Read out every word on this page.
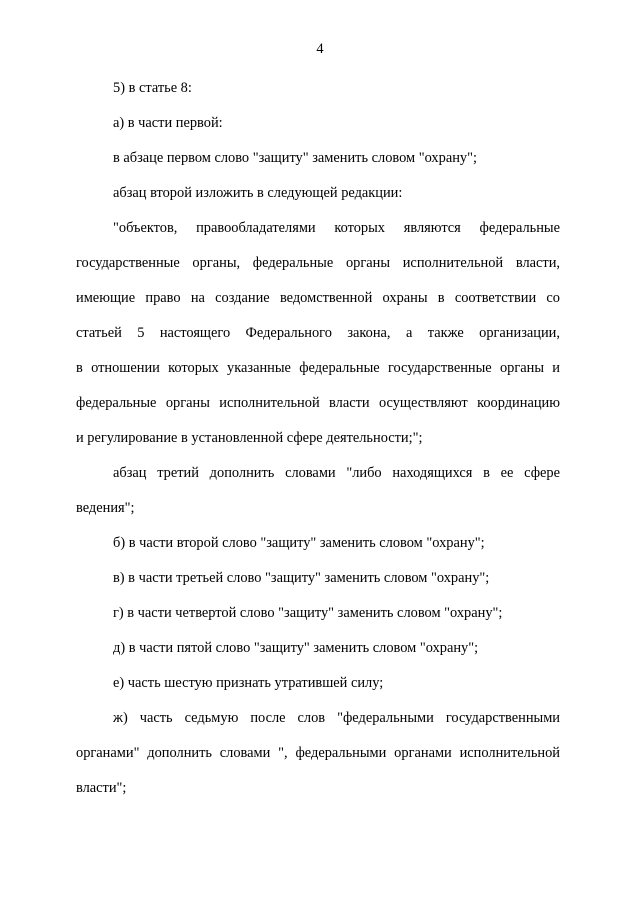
4
5) в статье 8:
а) в части первой:
в абзаце первом слово "защиту" заменить словом "охрану";
абзац второй изложить в следующей редакции:
"объектов, правообладателями которых являются федеральные
государственные органы, федеральные органы исполнительной власти,
имеющие право на создание ведомственной охраны в соответствии со
статьей 5 настоящего Федерального закона, а также организации,
в отношении которых указанные федеральные государственные органы и
федеральные органы исполнительной власти осуществляют координацию
и регулирование в установленной сфере деятельности;";
абзац третий дополнить словами "либо находящихся в ее сфере
ведения";
б) в части второй слово "защиту" заменить словом "охрану";
в) в части третьей слово "защиту" заменить словом "охрану";
г) в части четвертой слово "защиту" заменить словом "охрану";
д) в части пятой слово "защиту" заменить словом "охрану";
е) часть шестую признать утратившей силу;
ж) часть седьмую после слов "федеральными государственными
органами" дополнить словами ", федеральными органами исполнительной
власти";
